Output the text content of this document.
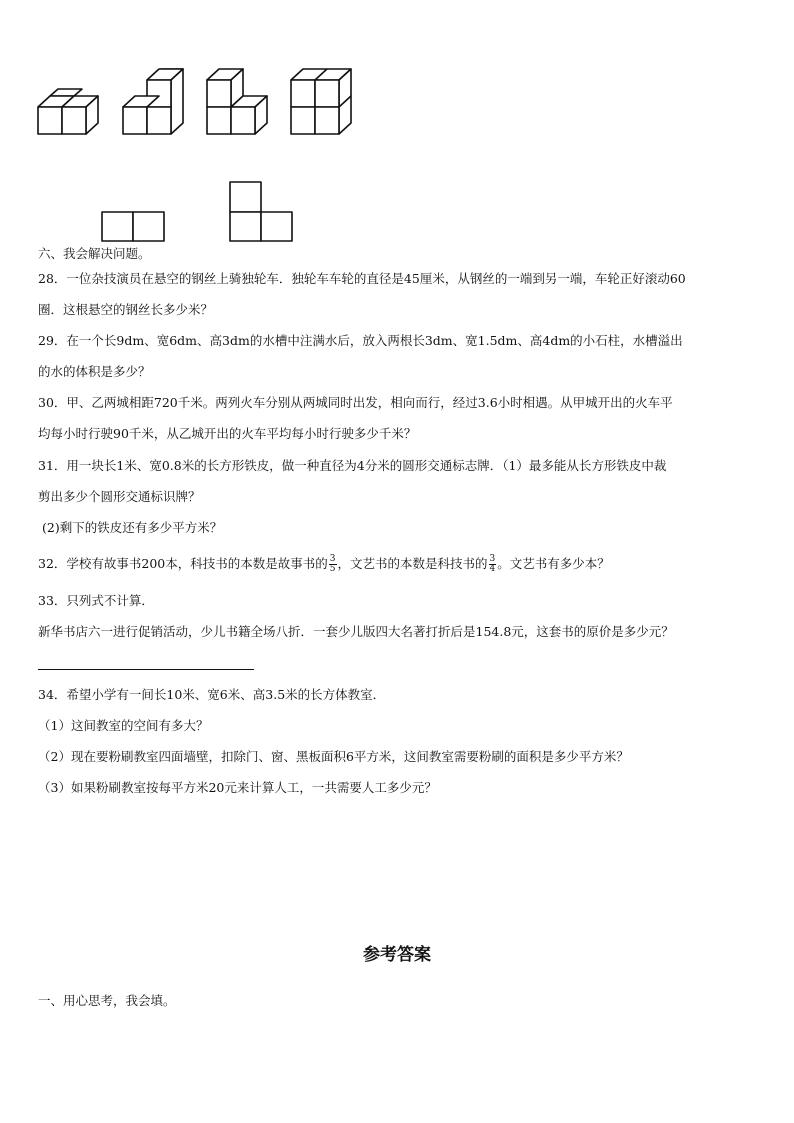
六、我会解决问题。
28．一位杂技演员在悬空的钢丝上骑独轮车．独轮车车轮的直径是45厘米，从钢丝的一端到另一端，车轮正好滚动60
圈．这根悬空的钢丝长多少米？
29．在一个长9dm、宽6dm、高3dm的水槽中注满水后，放入两根长3dm、宽1.5dm、高4dm的小石柱，水槽溢出
的水的体积是多少？
30．甲、乙两城相距720千米。两列火车分别从两城同时出发，相向而行，经过3.6小时相遇。从甲城开出的火车平
均每小时行驶90千米，从乙城开出的火车平均每小时行驶多少千米？
31．用一块长1米、宽0.8米的长方形铁皮，做一种直径为4分米的圆形交通标志牌．（1）最多能从长方形铁皮中裁
剪出多少个圆形交通标识牌？
(2)剩下的铁皮还有多少平方米？
32．学校有故事书200本，科技书的本数是故事书的 $\frac{3}{5}$ ，文艺书的本数是科技书的 $\frac{3}{4}$ 。文艺书有多少本？
33．只列式不计算．
新华书店六一进行促销活动，少儿书籍全场八折．一套少儿版四大名著打折后是154.8元，这套书的原价是多少元？
34．希望小学有一间长10米、宽6米、高3.5米的长方体教室．
（1）这间教室的空间有多大？
（2）现在要粉刷教室四面墙壁，扣除门、窗、黑板面积6平方米，这间教室需要粉刷的面积是多少平方米？
（3）如果粉刷教室按每平方米20元来计算人工，一共需要人工多少元？
参考答案
一、用心思考，我会填。
